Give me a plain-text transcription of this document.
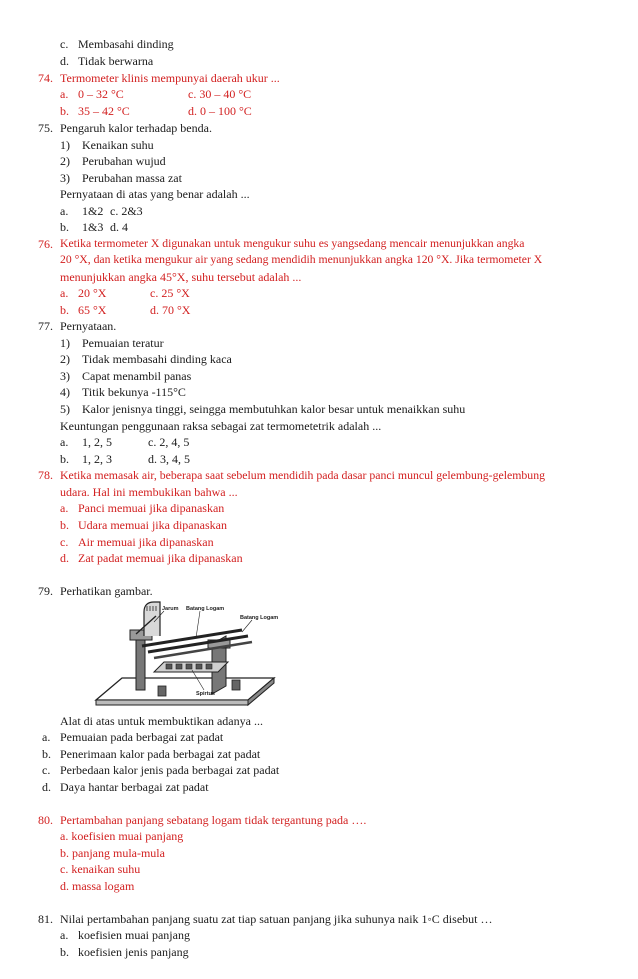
c. Membasahi dinding
d. Tidak berwarna
74. Termometer klinis mempunyai daerah ukur ...
a. 0 – 32 °C	c. 30 – 40 °C
b. 35 – 42 °C	d. 0 – 100 °C
75. Pengaruh kalor terhadap benda.
1) Kenaikan suhu
2) Perubahan wujud
3) Perubahan massa zat
Pernyataan di atas yang benar adalah ...
a. 1&2 c. 2&3
b. 1&3 d. 4
76. Ketika termometer X digunakan untuk mengukur suhu es yangsedang mencair menunjukkan angka
20 °X, dan ketika mengukur air yang sedang mendidih menunjukkan angka 120 °X. Jika termometer X
menunjukkan angka 45°X, suhu tersebut adalah ...
a. 20 °X	c. 25 °X
b. 65 °X	d. 70 °X
77. Pernyataan.
1) Pemuaian teratur
2) Tidak membasahi dinding kaca
3) Capat menambil panas
4) Titik bekunya -115°C
5) Kalor jenisnya tinggi, seingga membutuhkan kalor besar untuk menaikkan suhu
Keuntungan penggunaan raksa sebagai zat termometetrik adalah ...
a. 1, 2, 5	c. 2, 4, 5
b. 1, 2, 3	d. 3, 4, 5
78. Ketika memasak air, beberapa saat sebelum mendidih pada dasar panci muncul gelembung-gelembung
udara. Hal ini membukikan bahwa ...
a. Panci memuai jika dipanaskan
b. Udara memuai jika dipanaskan
c. Air memuai jika dipanaskan
d. Zat padat memuai jika dipanaskan
79. Perhatikan gambar.
Jarum Batang Logam
Batang Logam
Spirtus
Alat di atas untuk membuktikan adanya ...
a. Pemuaian pada berbagai zat padat
b. Penerimaan kalor pada berbagai zat padat
c. Perbedaan kalor jenis pada berbagai zat padat
d. Daya hantar berbagai zat padat
80. Pertambahan panjang sebatang logam tidak tergantung pada ….
a. koefisien muai panjang
b. panjang mula-mula
c. kenaikan suhu
d. massa logam
81. Nilai pertambahan panjang suatu zat tiap satuan panjang jika suhunya naik 1◦C disebut …
a. koefisien muai panjang
b. koefisien jenis panjang
